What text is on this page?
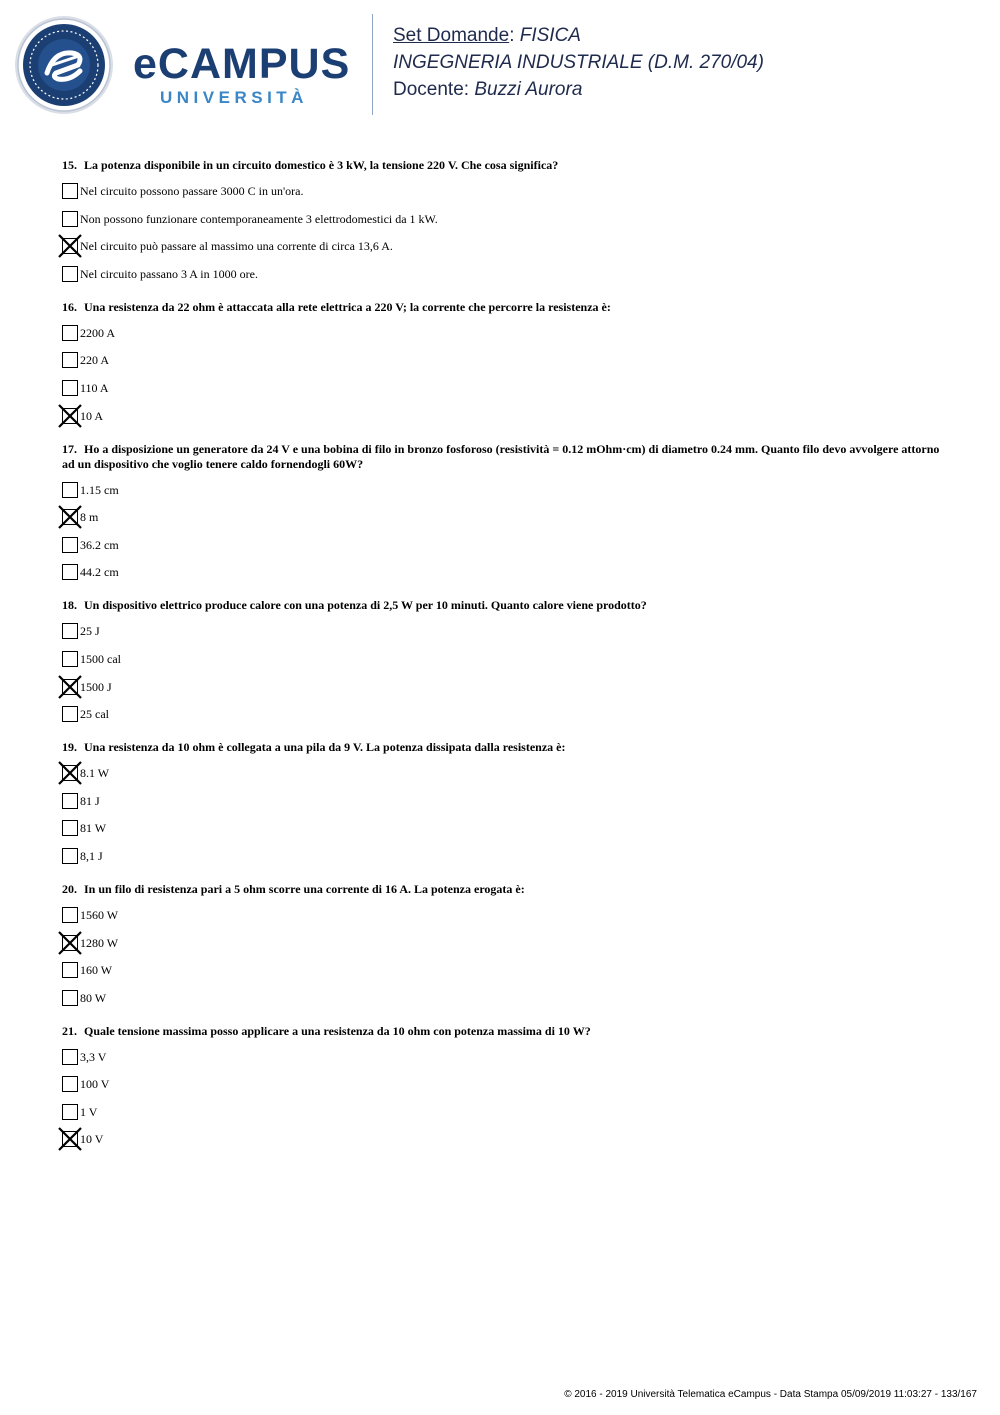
eCAMPUS
UNIVERSITÀ
Set Domande: FISICA
INGEGNERIA INDUSTRIALE (D.M. 270/04)
Docente: Buzzi Aurora
15. La potenza disponibile in un circuito domestico è 3 kW, la tensione 220 V. Che cosa significa?
Nel circuito possono passare 3000 C in un'ora.
Non possono funzionare contemporaneamente 3 elettrodomestici da 1 kW.
Nel circuito può passare al massimo una corrente di circa 13,6 A.
Nel circuito passano 3 A in 1000 ore.
16. Una resistenza da 22 ohm è attaccata alla rete elettrica a 220 V; la corrente che percorre la resistenza è:
2200 A
220 A
110 A
10 A
17. Ho a disposizione un generatore da 24 V e una bobina di filo in bronzo fosforoso (resistività = 0.12 mOhm·cm) di diametro 0.24 mm. Quanto filo devo avvolgere attorno ad un dispositivo che voglio tenere caldo fornendogli 60W?
1.15 cm
8 m
36.2 cm
44.2 cm
18. Un dispositivo elettrico produce calore con una potenza di 2,5 W per 10 minuti. Quanto calore viene prodotto?
25 J
1500 cal
1500 J
25 cal
19. Una resistenza da 10 ohm è collegata a una pila da 9 V. La potenza dissipata dalla resistenza è:
8.1 W
81 J
81 W
8,1 J
20. In un filo di resistenza pari a 5 ohm scorre una corrente di 16 A. La potenza erogata è:
1560 W
1280 W
160 W
80 W
21. Quale tensione massima posso applicare a una resistenza da 10 ohm con potenza massima di 10 W?
3,3 V
100 V
1 V
10 V
© 2016 - 2019 Università Telematica eCampus - Data Stampa 05/09/2019 11:03:27 - 133/167
